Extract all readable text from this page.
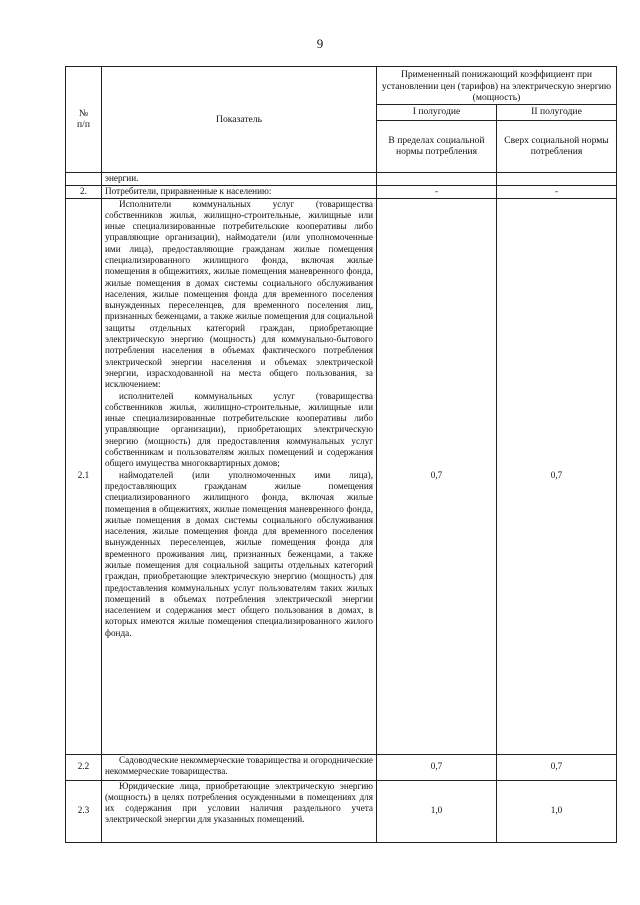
9
№
п/п	Показатель	Примененный понижающий коэффициент при установлении цен (тарифов) на электрическую энергию (мощность)	
		I полугодие	II полугодие
		В пределах социальной нормы потребления	Сверх социальной нормы потребления
	энергии.		
2.	Потребители, приравненные к населению:	-	-
2.1	Исполнители коммунальных услуг (товарищества собственников жилья, жилищно-строительные, жилищные или иные специализированные потребительские кооперативы либо управляющие организации), наймодатели (или уполномоченные ими лица), предоставляющие гражданам жилые помещения специализированного жилищного фонда, включая жилые помещения в общежитиях, жилые помещения маневренного фонда, жилые помещения в домах системы социального обслуживания населения, жилые помещения фонда для временного поселения вынужденных переселенцев, для временного поселения лиц, признанных беженцами, а также жилые помещения для социальной защиты отдельных категорий граждан, приобретающие электрическую энергию (мощность) для коммунально-бытового потребления населения в объемах фактического потребления электрической энергии населения и объемах электрической энергии, израсходованной на места общего пользования, за исключением:

исполнителей коммунальных услуг (товарищества собственников жилья, жилищно-строительные, жилищные или иные специализированные потребительские кооперативы либо управляющие организации), приобретающих электрическую энергию (мощность) для предоставления коммунальных услуг собственникам и пользователям жилых помещений и содержания общего имущества многоквартирных домов;

наймодателей (или уполномоченных ими лица), предоставляющих гражданам жилые помещения специализированного жилищного фонда, включая жилые помещения в общежитиях, жилые помещения маневренного фонда, жилые помещения в домах системы социального обслуживания населения, жилые помещения фонда для временного поселения вынужденных переселенцев, жилые помещения фонда для временного проживания лиц, признанных беженцами, а также жилые помещения для социальной защиты отдельных категорий граждан, приобретающие электрическую энергию (мощность) для предоставления коммунальных услуг пользователям таких жилых помещений в объемах потребления электрической энергии населением и содержания мест общего пользования в домах, в которых имеются жилые помещения специализированного жилого фонда.	0,7	0,7
2.2	Садоводческие некоммерческие товарищества и огороднические некоммерческие товарищества.	0,7	0,7
2.3	Юридические лица, приобретающие электрическую энергию (мощность) в целях потребления осужденными в помещениях для их содержания при условии наличия раздельного учета электрической энергии для указанных помещений.	1,0	1,0
